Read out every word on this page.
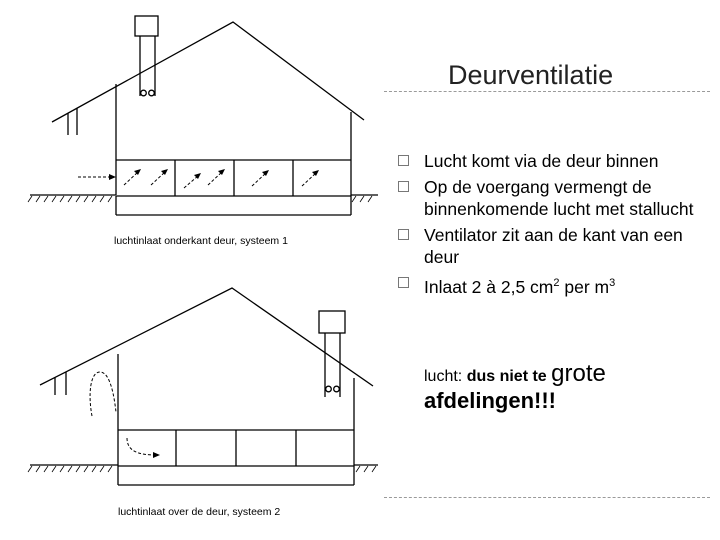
luchtinlaat onderkant deur, systeem 1
luchtinlaat over de deur, systeem 2
Deurventilatie
Lucht komt via de deur binnen
Op de voergang vermengt de binnenkomende lucht met stallucht
Ventilator zit aan de kant van een deur
Inlaat 2 à 2,5 $cm^2$ per $m^3$
lucht: dus niet te grote
afdelingen!!!
